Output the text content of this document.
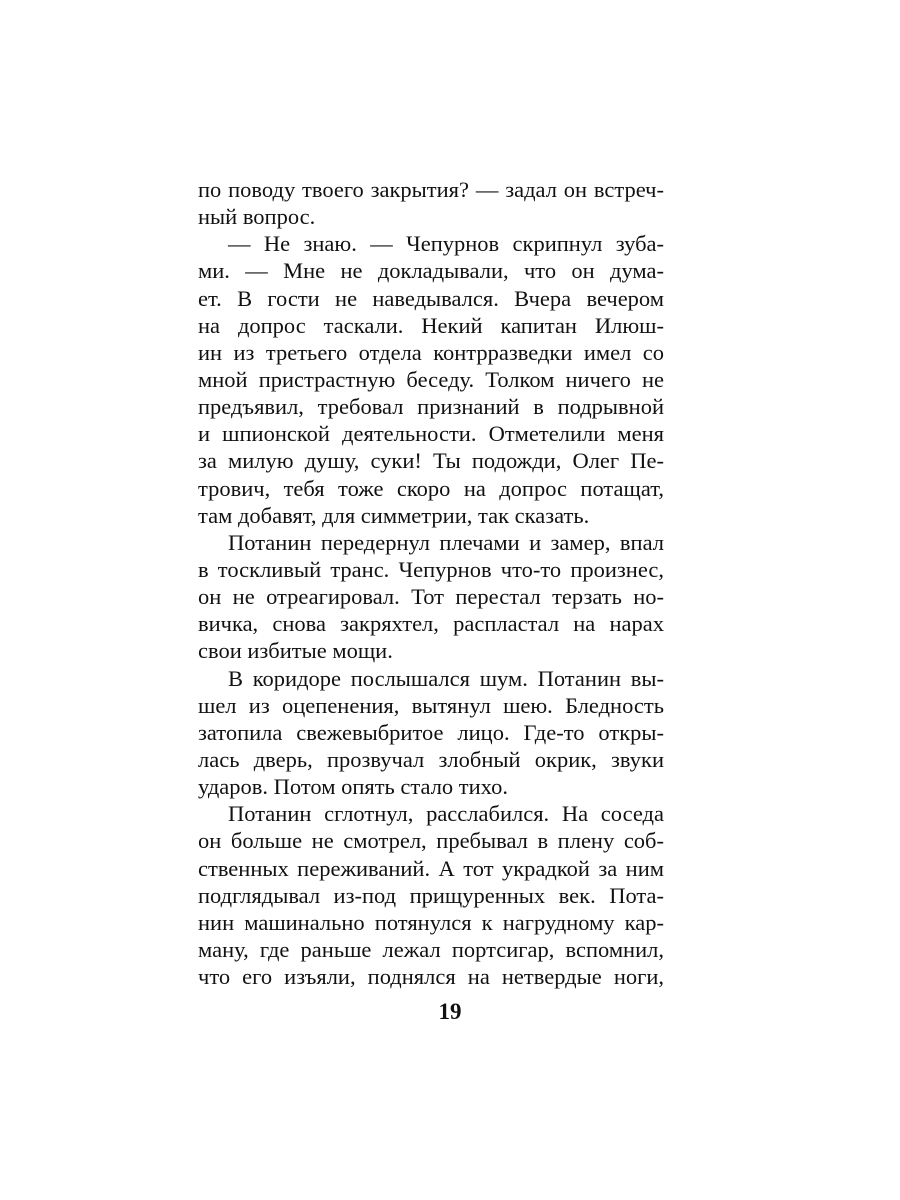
по поводу твоего закрытия? — задал он встреч-
ный вопрос.
— Не знаю. — Чепурнов скрипнул зуба-
ми. — Мне не докладывали, что он дума-
ет. В гости не наведывался. Вчера вечером
на допрос таскали. Некий капитан Илюш-
ин из третьего отдела контрразведки имел со
мной пристрастную беседу. Толком ничего не
предъявил, требовал признаний в подрывной
и шпионской деятельности. Отметелили меня
за милую душу, суки! Ты подожди, Олег Пе-
трович, тебя тоже скоро на допрос потащат,
там добавят, для симметрии, так сказать.
Потанин передернул плечами и замер, впал
в тоскливый транс. Чепурнов что-то произнес,
он не отреагировал. Тот перестал терзать но-
вичка, снова закряхтел, распластал на нарах
свои избитые мощи.
В коридоре послышался шум. Потанин вы-
шел из оцепенения, вытянул шею. Бледность
затопила свежевыбритое лицо. Где-то откры-
лась дверь, прозвучал злобный окрик, звуки
ударов. Потом опять стало тихо.
Потанин сглотнул, расслабился. На соседа
он больше не смотрел, пребывал в плену соб-
ственных переживаний. А тот украдкой за ним
подглядывал из-под прищуренных век. Пота-
нин машинально потянулся к нагрудному кар-
ману, где раньше лежал портсигар, вспомнил,
что его изъяли, поднялся на нетвердые ноги,
19
